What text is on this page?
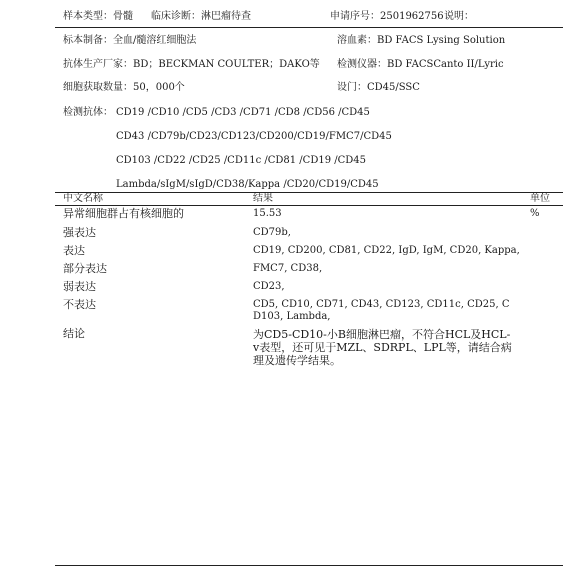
样本类型：骨髓 临床诊断：淋巴瘤待查	申请序号：2501962756 说明：
标本制备：全血/髓溶红细胞法	溶血素：BD FACS Lysing Solution
抗体生产厂家：BD；BECKMAN COULTER；DAKO等 检测仪器：BD FACSCanto II/Lyric
细胞获取数量：50，000个	设门：CD45/SSC
检测抗体： CD19 /CD10 /CD5 /CD3 /CD71 /CD8 /CD56 /CD45
CD43 /CD79b/CD23/CD123/CD200/CD19/FMC7/CD45
CD103 /CD22 /CD25 /CD11c /CD81 /CD19 /CD45
Lambda/sIgM/sIgD/CD38/Kappa /CD20/CD19/CD45
中文名称	结果	单位
异常细胞群占有核细胞的	15.53	%
强表达	CD79b,
表达	CD19, CD200, CD81, CD22, IgD, IgM, CD20, Kappa,
部分表达	FMC7, CD38,
弱表达	CD23,
不表达	CD5, CD10, CD71, CD43, CD123, CD11c, CD25, CD103, Lambda,
结论	为CD5-CD10-小B细胞淋巴瘤，不符合HCL及HCL-v表型，还可见于MZL、SDRPL、LPL等，请结合病理及遗传学结果。
